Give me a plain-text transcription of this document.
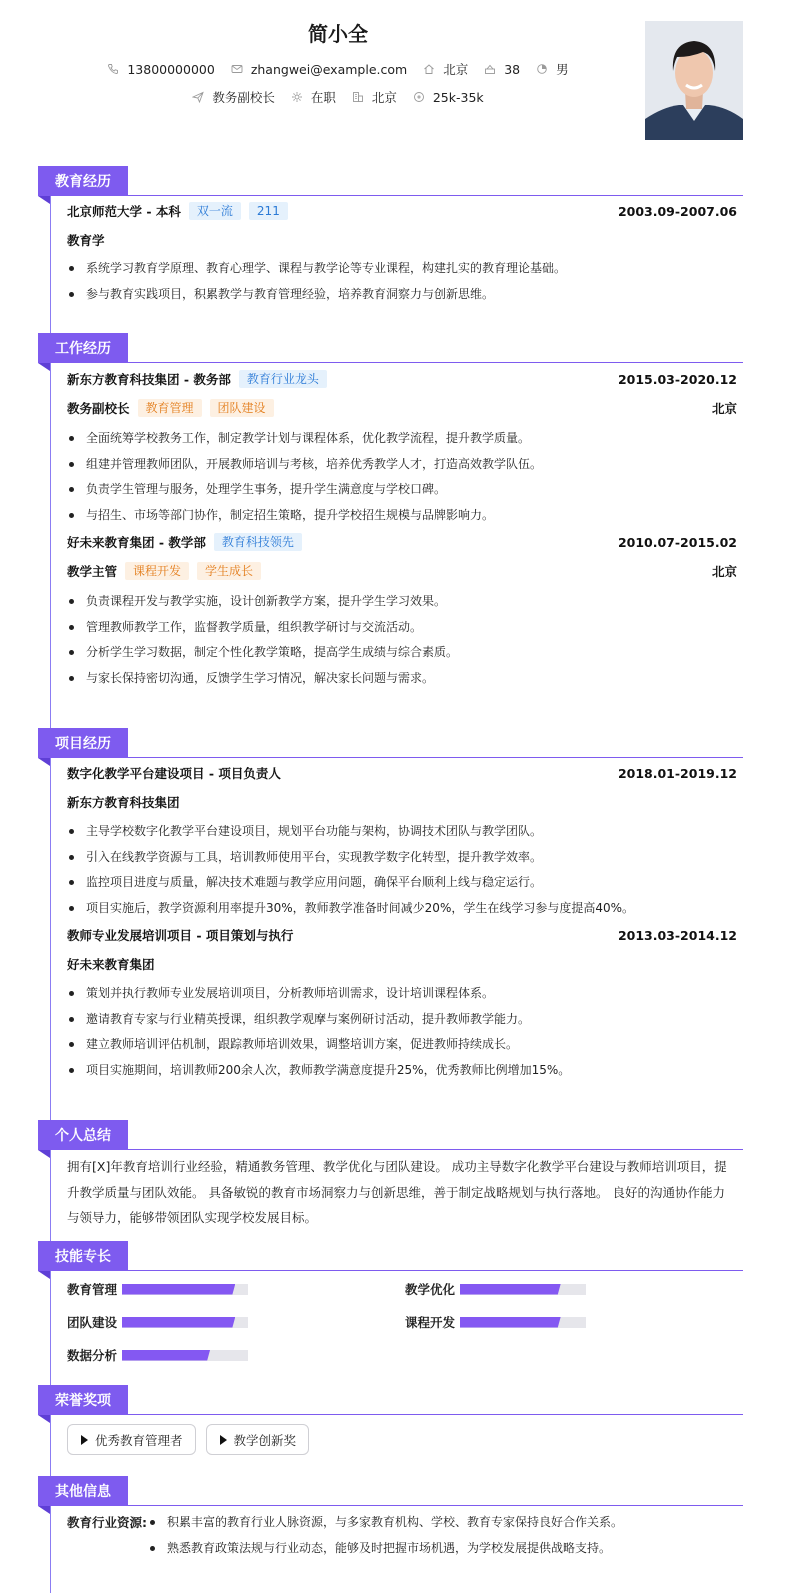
简小全
13800000000	zhangwei@example.com	北京	38	男
教务副校长	在职	北京	25k-35k
教育经历
北京师范大学 - 本科	双一流	211	2003.09-2007.06
教育学
系统学习教育学原理、教育心理学、课程与教学论等专业课程，构建扎实的教育理论基础。
参与教育实践项目，积累教学与教育管理经验，培养教育洞察力与创新思维。
工作经历
新东方教育科技集团 - 教务部	教育行业龙头	2015.03-2020.12
教务副校长	教育管理	团队建设	北京
全面统筹学校教务工作，制定教学计划与课程体系，优化教学流程，提升教学质量。
组建并管理教师团队，开展教师培训与考核，培养优秀教学人才，打造高效教学队伍。
负责学生管理与服务，处理学生事务，提升学生满意度与学校口碑。
与招生、市场等部门协作，制定招生策略，提升学校招生规模与品牌影响力。
好未来教育集团 - 教学部	教育科技领先	2010.07-2015.02
教学主管	课程开发	学生成长	北京
负责课程开发与教学实施，设计创新教学方案，提升学生学习效果。
管理教师教学工作，监督教学质量，组织教学研讨与交流活动。
分析学生学习数据，制定个性化教学策略，提高学生成绩与综合素质。
与家长保持密切沟通，反馈学生学习情况，解决家长问题与需求。
项目经历
数字化教学平台建设项目 - 项目负责人	2018.01-2019.12
新东方教育科技集团
主导学校数字化教学平台建设项目，规划平台功能与架构，协调技术团队与教学团队。
引入在线教学资源与工具，培训教师使用平台，实现教学数字化转型，提升教学效率。
监控项目进度与质量，解决技术难题与教学应用问题，确保平台顺利上线与稳定运行。
项目实施后，教学资源利用率提升30%，教师教学准备时间减少20%，学生在线学习参与度提高40%。
教师专业发展培训项目 - 项目策划与执行	2013.03-2014.12
好未来教育集团
策划并执行教师专业发展培训项目，分析教师培训需求，设计培训课程体系。
邀请教育专家与行业精英授课，组织教学观摩与案例研讨活动，提升教师教学能力。
建立教师培训评估机制，跟踪教师培训效果，调整培训方案，促进教师持续成长。
项目实施期间，培训教师200余人次，教师教学满意度提升25%，优秀教师比例增加15%。
个人总结

拥有[X]年教育培训行业经验，精通教务管理、教学优化与团队建设。 成功主导数字化教学平台建设与教师培训项目，提升教学质量与团队效能。 具备敏锐的教育市场洞察力与创新思维，善于制定战略规划与执行落地。 良好的沟通协作能力与领导力，能够带领团队实现学校发展目标。

技能专长
教育管理	教学优化
团队建设	课程开发
数据分析
荣誉奖项
优秀教育管理者	教学创新奖
其他信息
教育行业资源:	积累丰富的教育行业人脉资源，与多家教育机构、学校、教育专家保持良好合作关系。
熟悉教育政策法规与行业动态，能够及时把握市场机遇，为学校发展提供战略支持。
